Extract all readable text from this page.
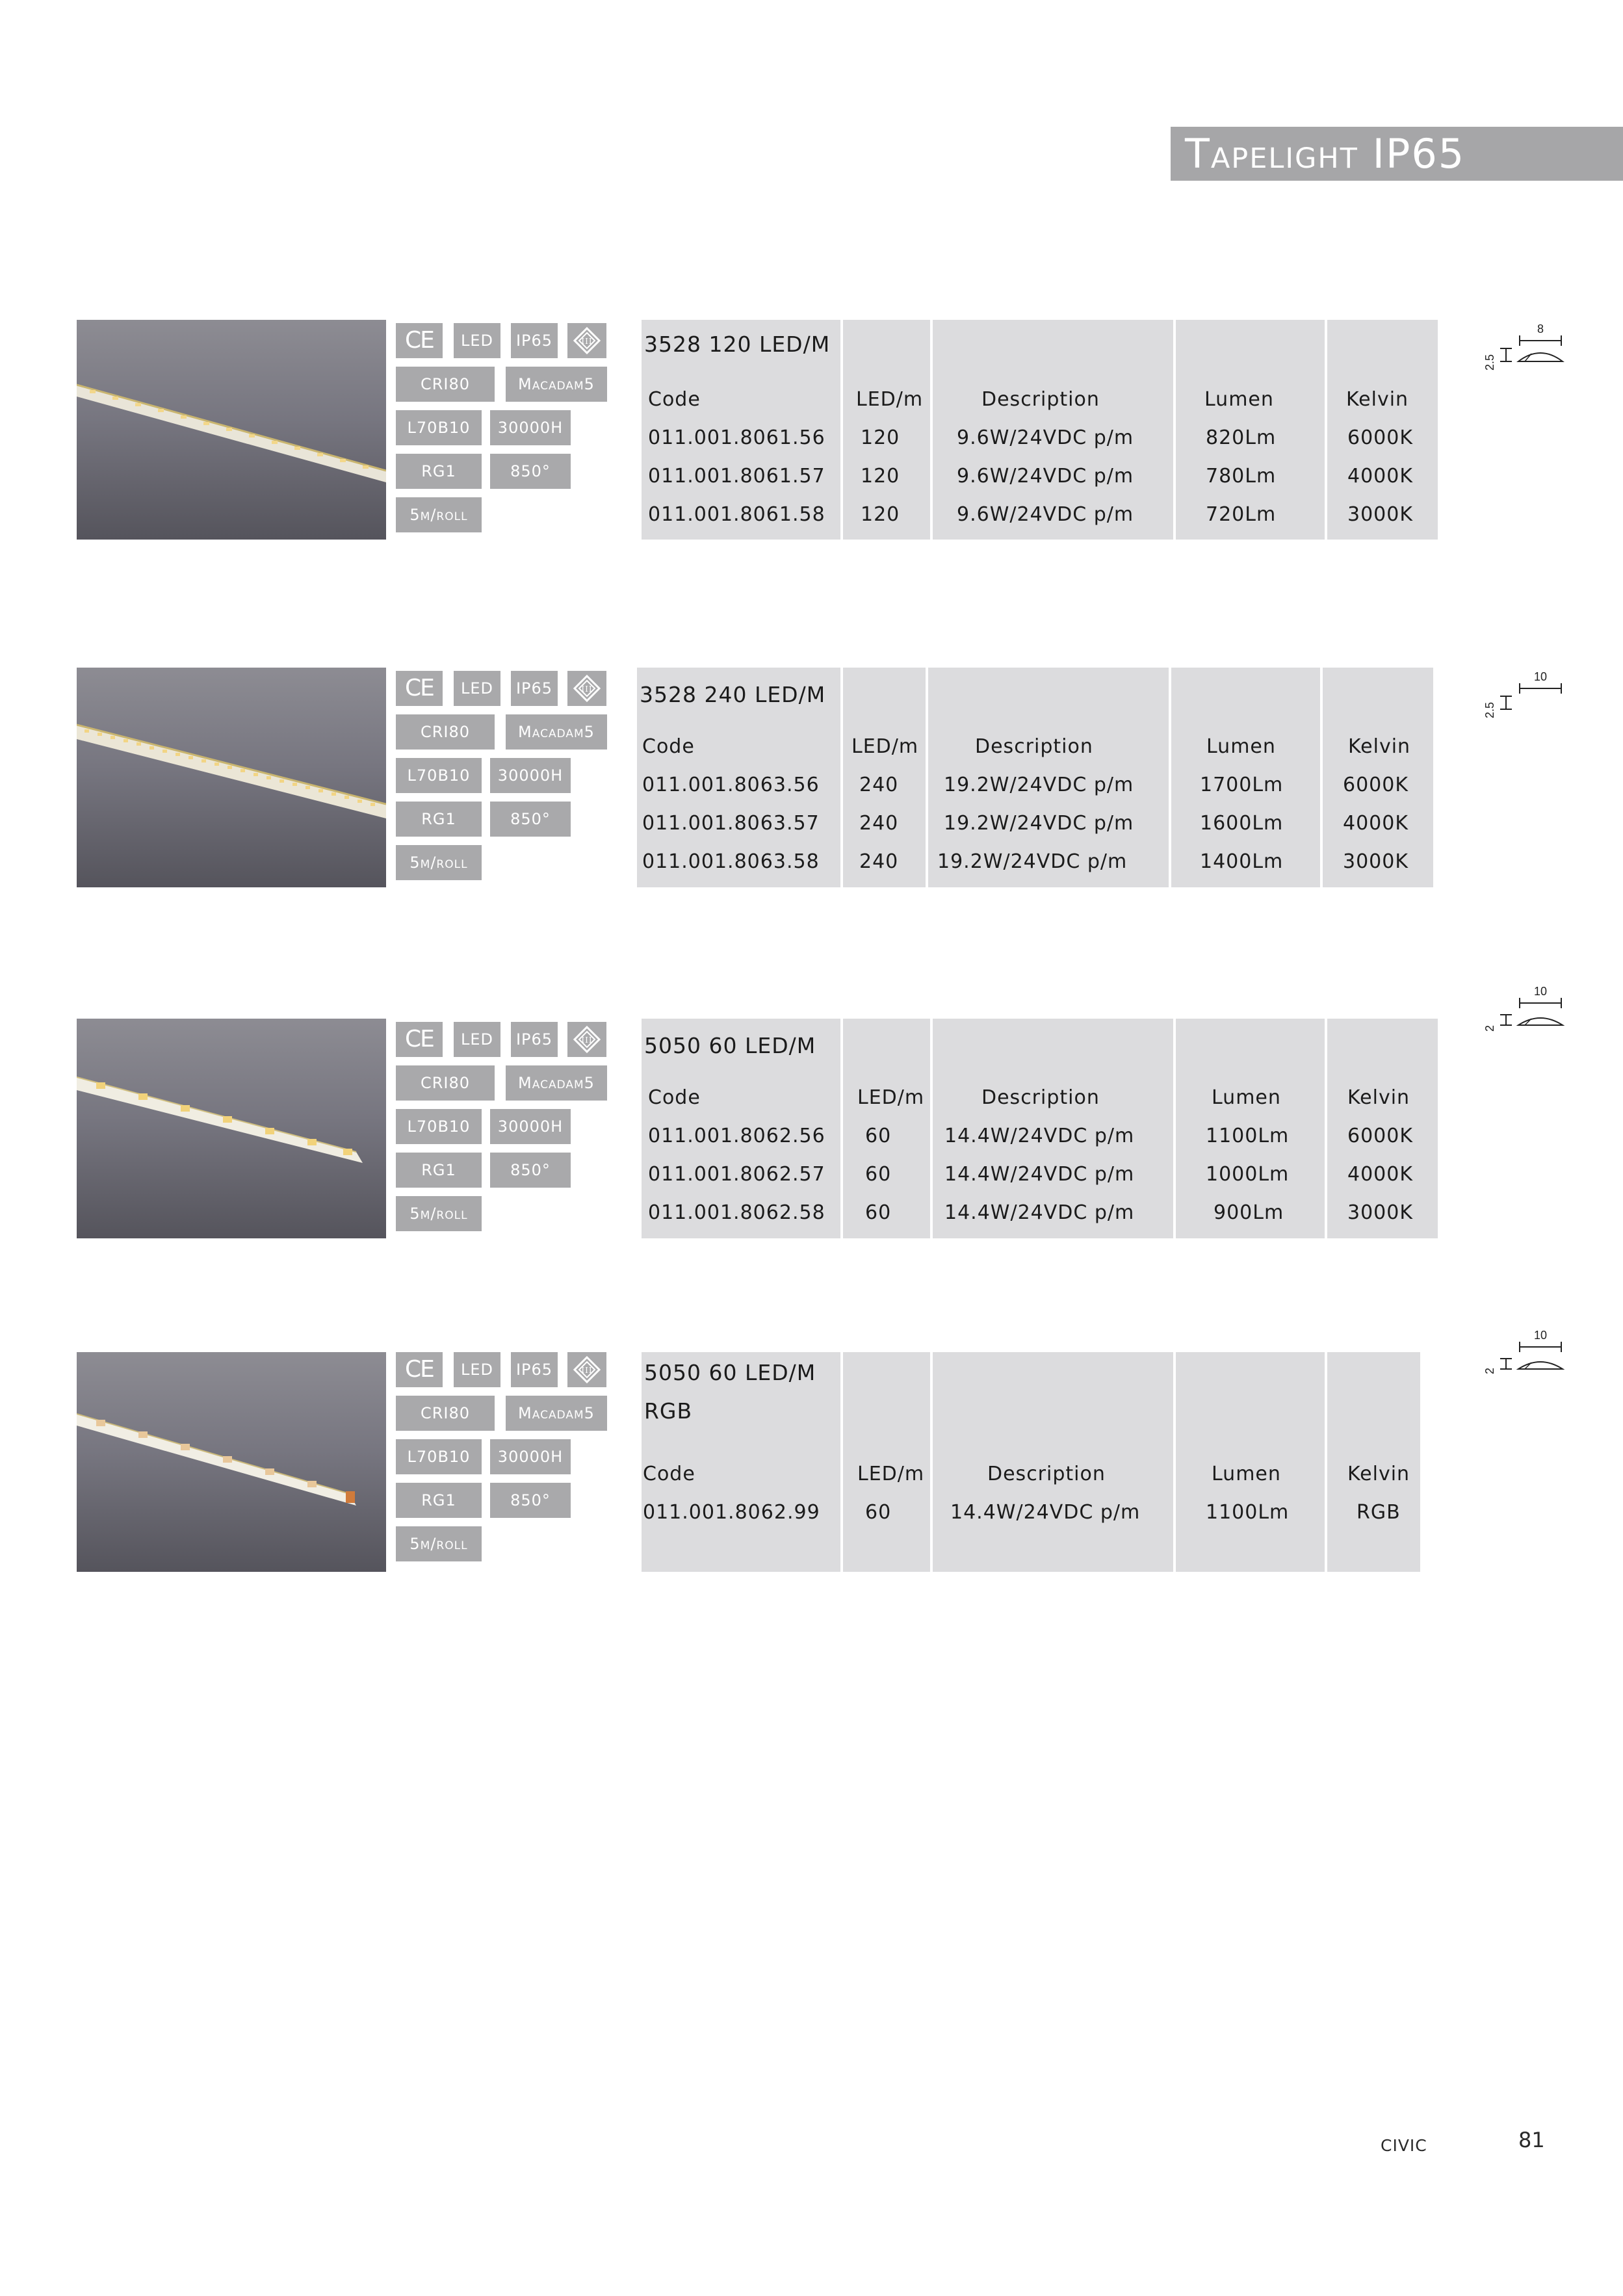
Tapelight IP65
CE	LED	IP65	III
CRI80	Macadam5
L70B10	30000H
RG1	850°
5m/roll
3528 120 LED/M
Code	LED/m	Description	Lumen	Kelvin
011.001.8061.56 120	9.6W/24VDC p/m	820Lm	6000K
011.001.8061.57 120	9.6W/24VDC p/m	780Lm	4000K
011.001.8061.58 120	9.6W/24VDC p/m	720Lm	3000K
8
2.5
CE	LED	IP65	III
CRI80	Macadam5
L70B10	30000H
RG1	850°
5m/roll
3528 240 LED/M
Code	LED/m	Description	Lumen	Kelvin
011.001.8063.56 240 19.2W/24VDC p/m	1700Lm	6000K
011.001.8063.57 240 19.2W/24VDC p/m	1600Lm	4000K
011.001.8063.58 240 19.2W/24VDC p/m	1400Lm	3000K
10
2.5
CE	LED	IP65	III
CRI80	Macadam5
L70B10	30000H
RG1	850°
5m/roll
5050 60 LED/M
Code	LED/m	Description	Lumen	Kelvin
011.001.8062.56 60	14.4W/24VDC p/m	1100Lm	6000K
011.001.8062.57 60	14.4W/24VDC p/m	1000Lm	4000K
011.001.8062.58 60	14.4W/24VDC p/m	900Lm	3000K
10
2
CE	LED	IP65	III
CRI80	Macadam5
L70B10	30000H
RG1	850°
5m/roll
5050 60 LED/M
RGB
Code	LED/m	Description	Lumen	Kelvin
011.001.8062.99 60	14.4W/24VDC p/m	1100Lm	RGB
10
2
civic	81
